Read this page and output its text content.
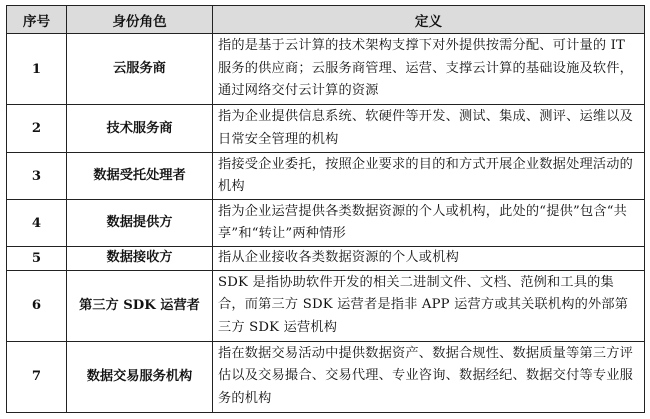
序号	身份角色	定义
1	云服务商	指的是基于云计算的技术架构支撑下对外提供按需分配、可计量的 IT 服务的供应商；云服务商管理、运营、支撑云计算的基础设施及软件，通过网络交付云计算的资源
2	技术服务商	指为企业提供信息系统、软硬件等开发、测试、集成、测评、运维以及日常安全管理的机构
3	数据受托处理者	指接受企业委托，按照企业要求的目的和方式开展企业数据处理活动的机构
4	数据提供方	指为企业运营提供各类数据资源的个人或机构，此处的“提供”包含“共享”和“转让”两种情形
5	数据接收方	指从企业接收各类数据资源的个人或机构
6	第三方 SDK 运营者	SDK 是指协助软件开发的相关二进制文件、文档、范例和工具的集合，而第三方 SDK 运营者是指非 APP 运营方或其关联机构的外部第三方 SDK 运营机构
7	数据交易服务机构	指在数据交易活动中提供数据资产、数据合规性、数据质量等第三方评估以及交易撮合、交易代理、专业咨询、数据经纪、数据交付等专业服务的机构
